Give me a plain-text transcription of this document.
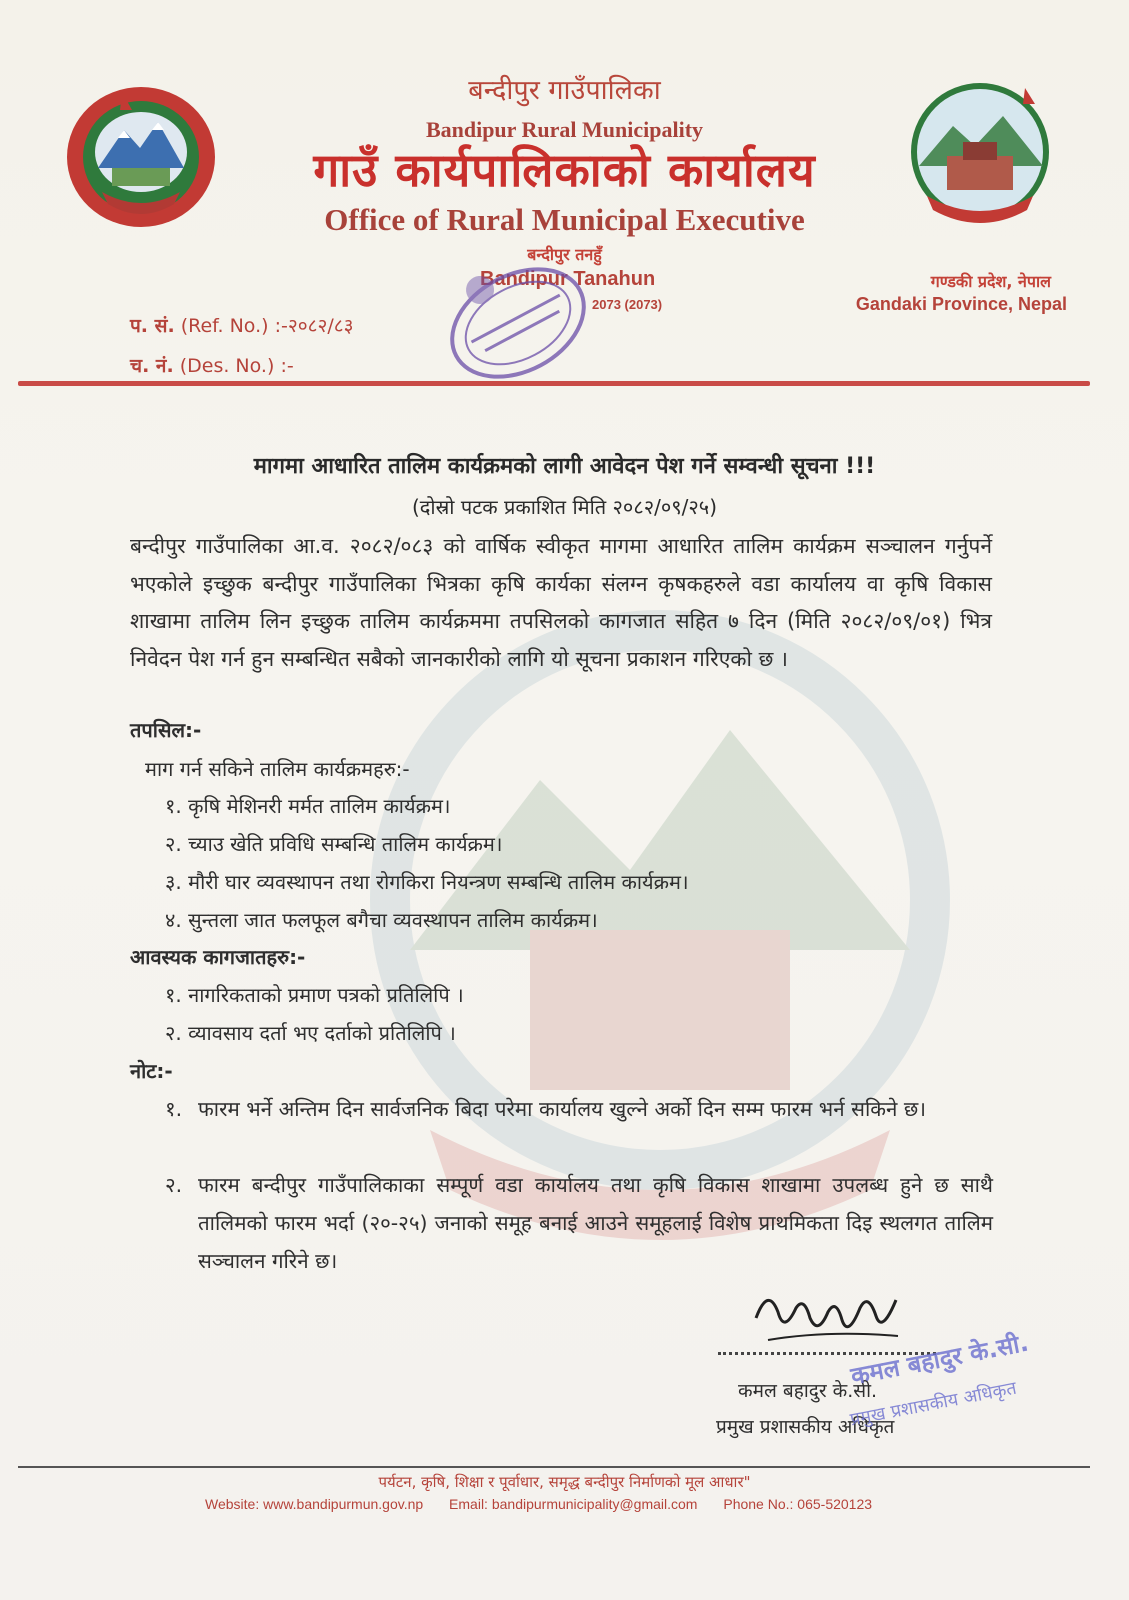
बन्दीपुर गाउँपालिका
Bandipur Rural Municipality
गाउँ कार्यपालिकाको कार्यालय
Office of Rural Municipal Executive
बन्दीपुर तनहुँ
Bandipur Tanahun
2073 (2073)
गण्डकी प्रदेश, नेपाल
Gandaki Province, Nepal
प. सं. (Ref. No.) :-२०८२/८३
च. नं. (Des. No.) :-
मागमा आधारित तालिम कार्यक्रमको लागी आवेदन पेश गर्ने सम्वन्धी सूचना !!!
(दोस्रो पटक प्रकाशित मिति २०८२/०९/२५)
बन्दीपुर गाउँपालिका आ.व. २०८२/०८३ को वार्षिक स्वीकृत मागमा आधारित तालिम कार्यक्रम सञ्चालन गर्नुपर्ने भएकोले इच्छुक बन्दीपुर गाउँपालिका भित्रका कृषि कार्यका संलग्न कृषकहरुले वडा कार्यालय वा कृषि विकास शाखामा तालिम लिन इच्छुक तालिम कार्यक्रममा तपसिलको कागजात सहित ७ दिन (मिति २०८२/०९/०१) भित्र निवेदन पेश गर्न हुन सम्बन्धित सबैको जानकारीको लागि यो सूचना प्रकाशन गरिएको छ ।
तपसिल:-
माग गर्न सकिने तालिम कार्यक्रमहरु:-
१. कृषि मेशिनरी मर्मत तालिम कार्यक्रम।
२. च्याउ खेति प्रविधि सम्बन्धि तालिम कार्यक्रम।
३. मौरी घार व्यवस्थापन तथा रोगकिरा नियन्त्रण सम्बन्धि तालिम कार्यक्रम।
४. सुन्तला जात फलफूल बगैचा व्यवस्थापन तालिम कार्यक्रम।
आवस्यक कागजातहरु:-
१. नागरिकताको प्रमाण पत्रको प्रतिलिपि ।
२. व्यावसाय दर्ता भए दर्ताको प्रतिलिपि ।
नोट:-
१. फारम भर्ने अन्तिम दिन सार्वजनिक बिदा परेमा कार्यालय खुल्ने अर्को दिन सम्म फारम भर्न सकिने छ।
२. फारम बन्दीपुर गाउँपालिकाका सम्पूर्ण वडा कार्यालय तथा कृषि विकास शाखामा उपलब्ध हुने छ साथै तालिमको फारम भर्दा (२०-२५) जनाको समूह बनाई आउने समूहलाई विशेष प्राथमिकता दिइ स्थलगत तालिम सञ्चालन गरिने छ।
कमल बहादुर के.सी.
प्रमुख प्रशासकीय अधिकृत
कमल बहादुर के.सी.
प्रमुख प्रशासकीय अधिकृत
पर्यटन, कृषि, शिक्षा र पूर्वाधार, समृद्ध बन्दीपुर निर्माणको मूल आधार"
Website: www.bandipurmun.gov.np Email: bandipurmunicipality@gmail.com Phone No.: 065-520123
